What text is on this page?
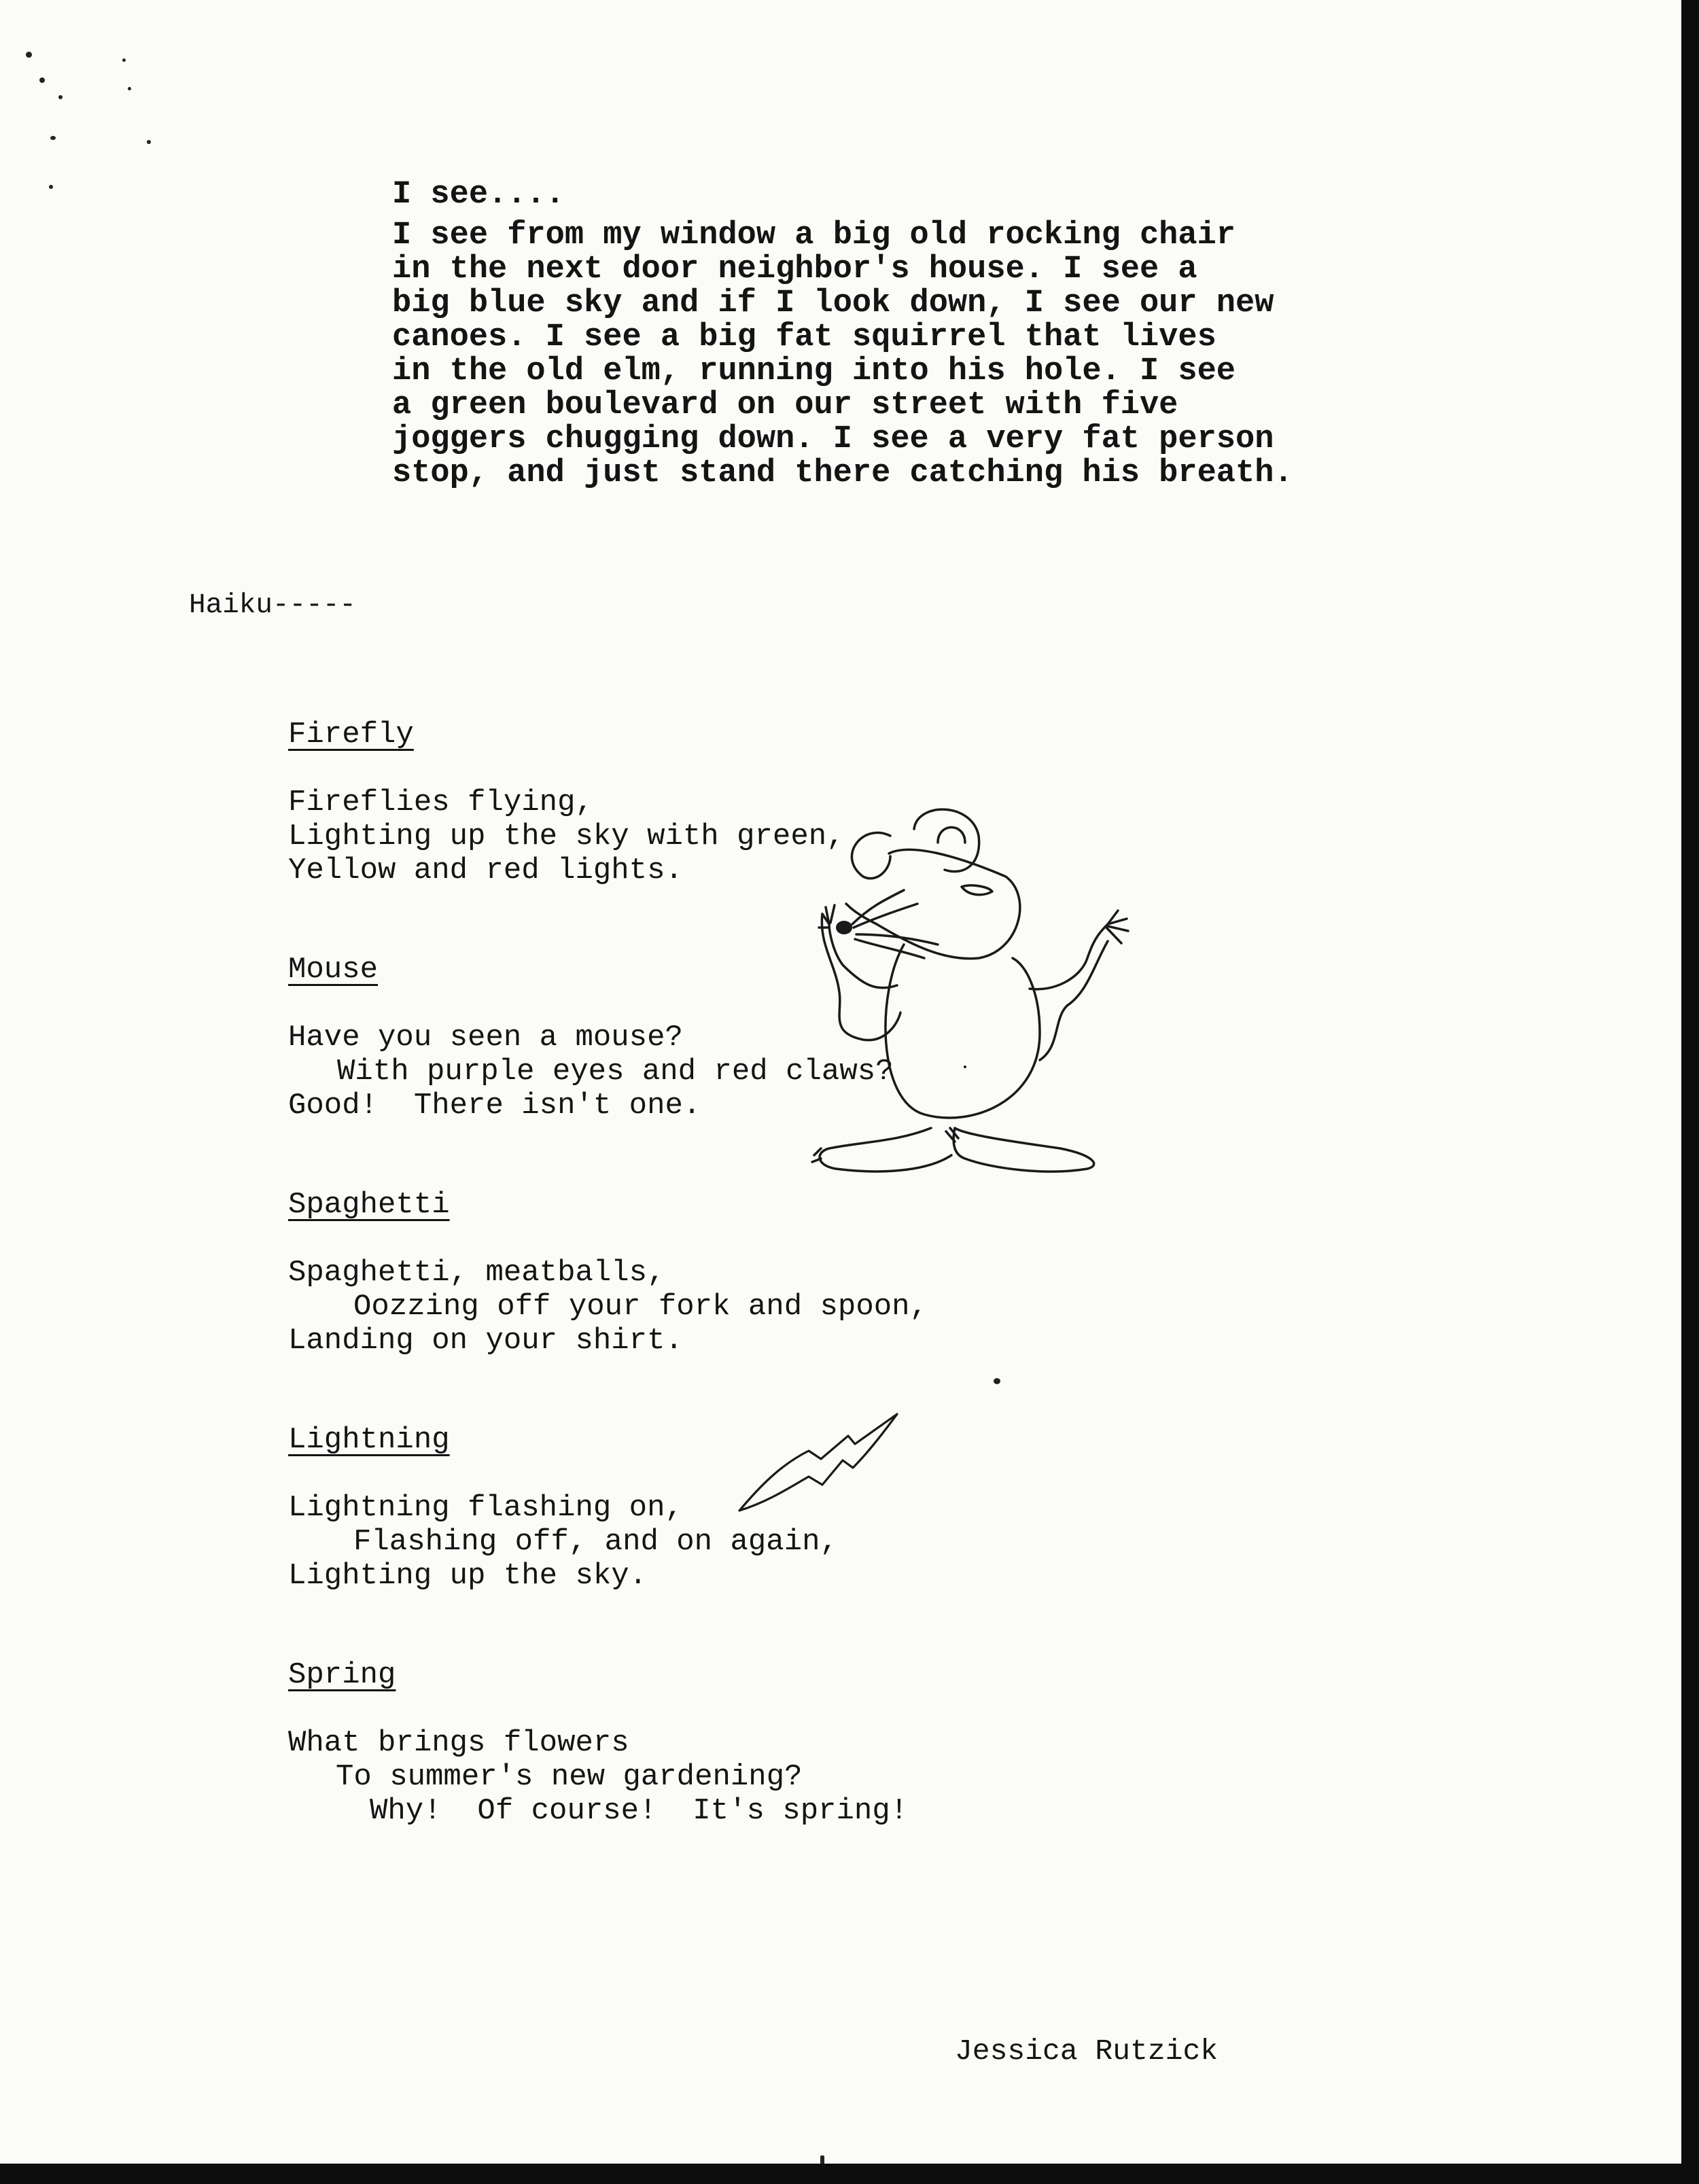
I see....
I see from my window a big old rocking chair
in the next door neighbor's house. I see a
big blue sky and if I look down, I see our new
canoes. I see a big fat squirrel that lives
in the old elm, running into his hole. I see
a green boulevard on our street with five
joggers chugging down. I see a very fat person
stop, and just stand there catching his breath.
Haiku-----
Firefly
Fireflies flying,
Lighting up the sky with green,
Yellow and red lights.
Mouse
Have you seen a mouse?
With purple eyes and red claws?
Good!  There isn't one.
Spaghetti
Spaghetti, meatballs,
Oozzing off your fork and spoon,
Landing on your shirt.
Lightning
Lightning flashing on,
Flashing off, and on again,
Lighting up the sky.
Spring
What brings flowers
To summer's new gardening?
Why!  Of course!  It's spring!
Jessica Rutzick
